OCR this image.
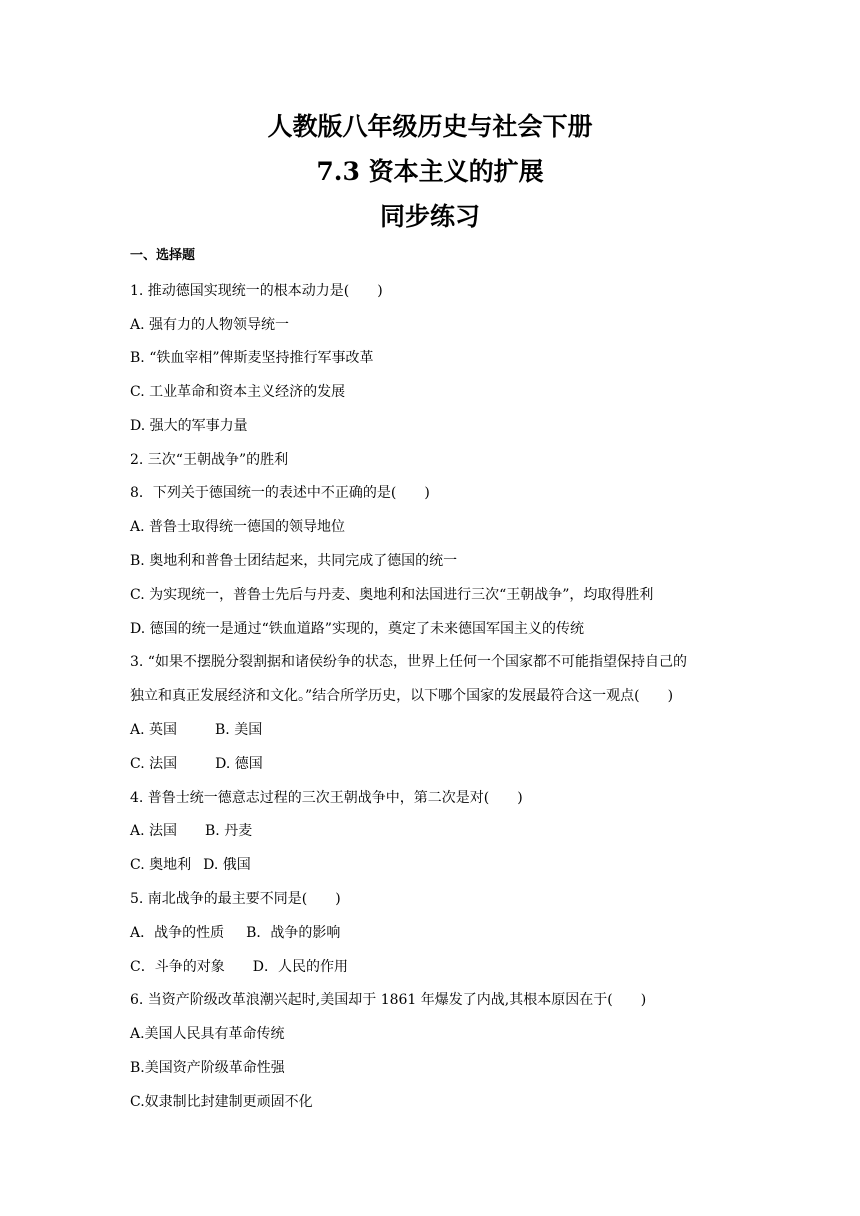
人教版八年级历史与社会下册
7.3 资本主义的扩展
同步练习
一、选择题
1. 推动德国实现统一的根本动力是(　　)
A. 强有力的人物领导统一
B. “铁血宰相”俾斯麦坚持推行军事改革
C. 工业革命和资本主义经济的发展
D. 强大的军事力量
2. 三次“王朝战争”的胜利
8．下列关于德国统一的表述中不正确的是(　　)
A. 普鲁士取得统一德国的领导地位
B. 奥地利和普鲁士团结起来，共同完成了德国的统一
C. 为实现统一，普鲁士先后与丹麦、奥地利和法国进行三次“王朝战争”，均取得胜利
D. 德国的统一是通过“铁血道路”实现的，奠定了未来德国军国主义的传统
3. “如果不摆脱分裂割据和诸侯纷争的状态，世界上任何一个国家都不可能指望保持自己的
独立和真正发展经济和文化。”结合所学历史，以下哪个国家的发展最符合这一观点(　　)
A. 英国	B. 美国
C. 法国	D. 德国
4. 普鲁士统一德意志过程的三次王朝战争中，第二次是对(　　)
A. 法国 B. 丹麦
C. 奥地利 D. 俄国
5. 南北战争的最主要不同是(　　)
A．战争的性质 B．战争的影响
C．斗争的对象 D．人民的作用
6. 当资产阶级改革浪潮兴起时,美国却于 1861 年爆发了内战,其根本原因在于(　　)
A.美国人民具有革命传统
B.美国资产阶级革命性强
C.奴隶制比封建制更顽固不化
